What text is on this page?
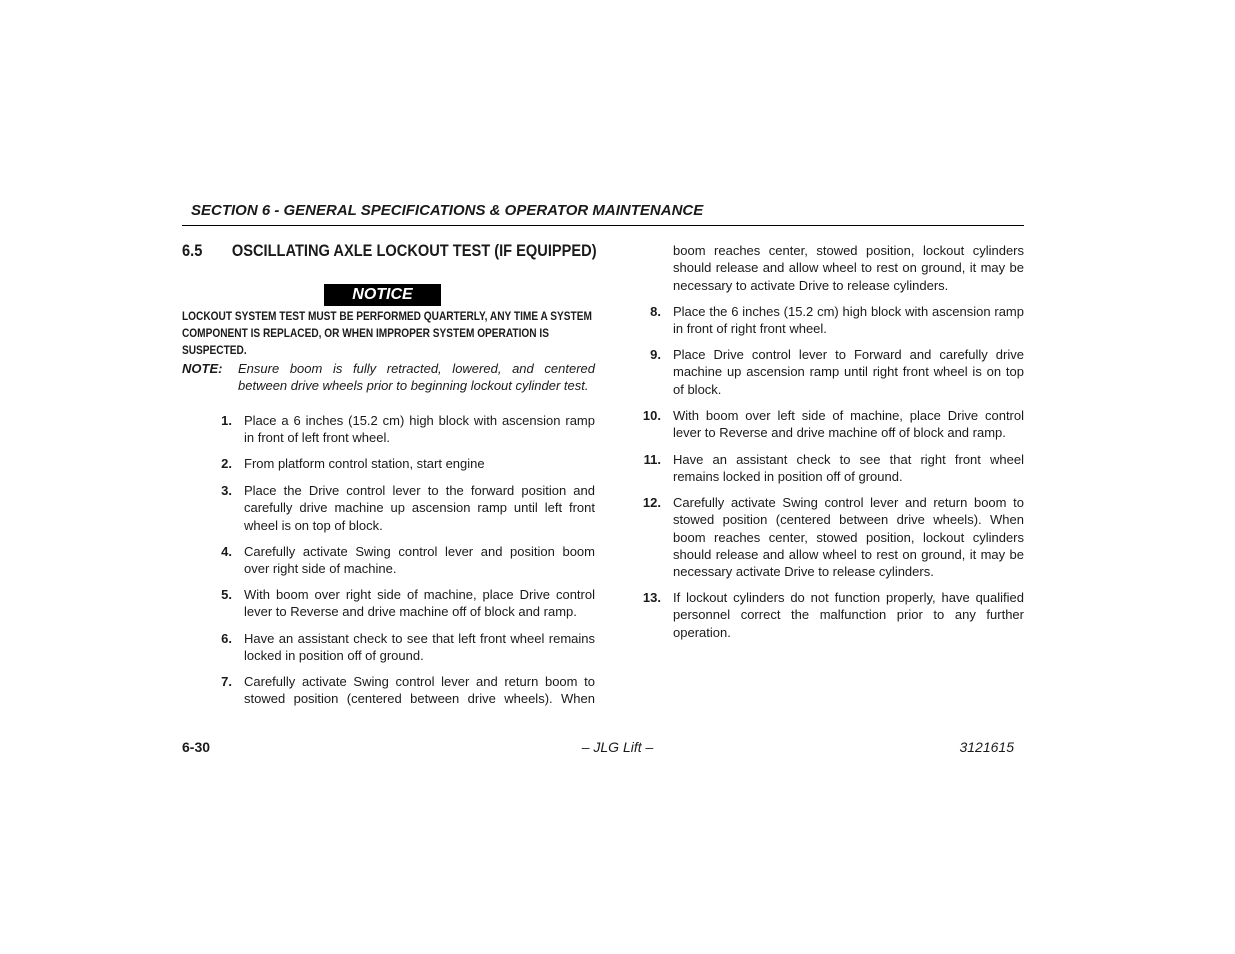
SECTION 6 - GENERAL SPECIFICATIONS & OPERATOR MAINTENANCE
6.5 OSCILLATING AXLE LOCKOUT TEST (IF EQUIPPED)
NOTICE
LOCKOUT SYSTEM TEST MUST BE PERFORMED QUARTERLY, ANY TIME A SYSTEM COMPONENT IS REPLACED, OR WHEN IMPROPER SYSTEM OPERATION IS SUSPECTED.
NOTE: Ensure boom is fully retracted, lowered, and centered between drive wheels prior to beginning lockout cylinder test.
1. Place a 6 inches (15.2 cm) high block with ascension ramp in front of left front wheel.
2. From platform control station, start engine
3. Place the Drive control lever to the forward position and carefully drive machine up ascension ramp until left front wheel is on top of block.
4. Carefully activate Swing control lever and position boom over right side of machine.
5. With boom over right side of machine, place Drive control lever to Reverse and drive machine off of block and ramp.
6. Have an assistant check to see that left front wheel remains locked in position off of ground.
7. Carefully activate Swing control lever and return boom to stowed position (centered between drive wheels). When
boom reaches center, stowed position, lockout cylinders should release and allow wheel to rest on ground, it may be necessary to activate Drive to release cylinders.
8. Place the 6 inches (15.2 cm) high block with ascension ramp in front of right front wheel.
9. Place Drive control lever to Forward and carefully drive machine up ascension ramp until right front wheel is on top of block.
10. With boom over left side of machine, place Drive control lever to Reverse and drive machine off of block and ramp.
11. Have an assistant check to see that right front wheel remains locked in position off of ground.
12. Carefully activate Swing control lever and return boom to stowed position (centered between drive wheels). When boom reaches center, stowed position, lockout cylinders should release and allow wheel to rest on ground, it may be necessary activate Drive to release cylinders.
13. If lockout cylinders do not function properly, have qualified personnel correct the malfunction prior to any further operation.
6-30	– JLG Lift –	3121615
